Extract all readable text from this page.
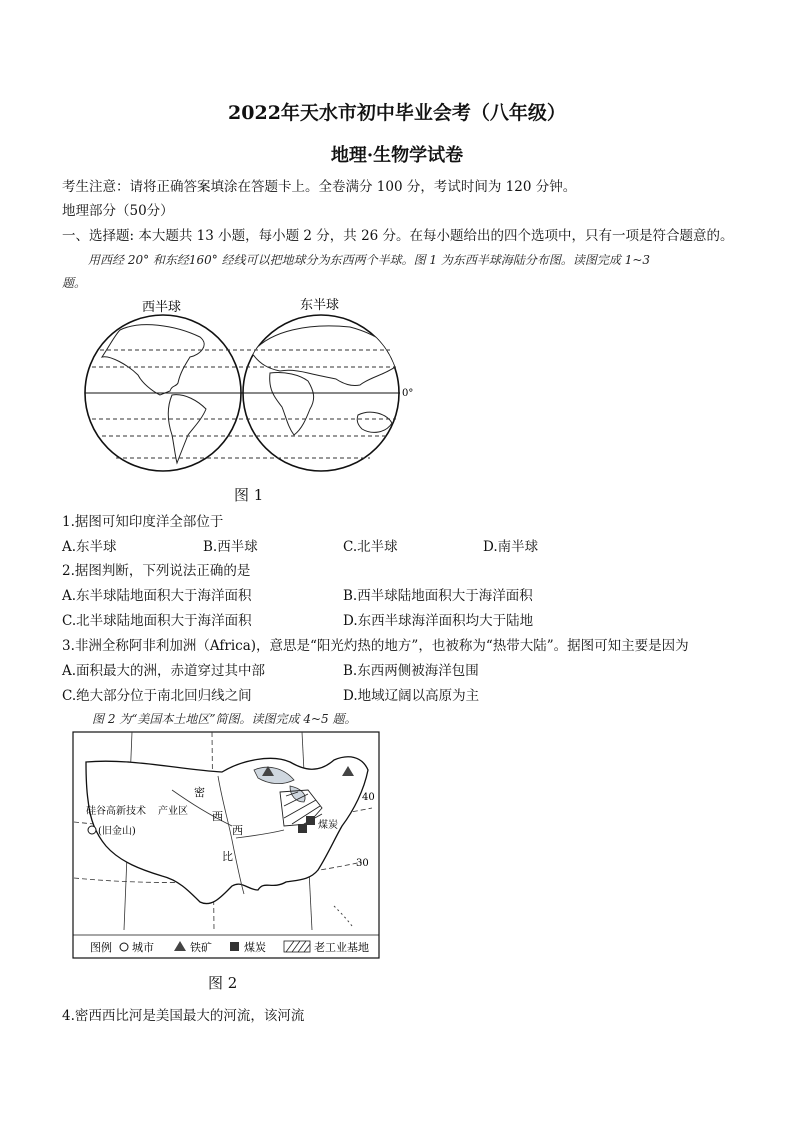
2022年天水市初中毕业会考（八年级）
地理·生物学试卷
考生注意：请将正确答案填涂在答题卡上。全卷满分 100 分，考试时间为 120 分钟。
地理部分（50分）
一、选择题: 本大题共 13 小题，每小题 2 分，共 26 分。在每小题给出的四个选项中，只有一项是符合题意的。
用西经 20° 和东经160° 经线可以把地球分为东西两个半球。图 1 为东西半球海陆分布图。读图完成 1~3
题。
西半球	东半球
0°
图 1
1.据图可知印度洋全部位于
A.东半球	B.西半球	C.北半球	D.南半球
2.据图判断，下列说法正确的是
A.东半球陆地面积大于海洋面积	B.西半球陆地面积大于海洋面积
C.北半球陆地面积大于海洋面积	D.东西半球海洋面积均大于陆地
3.非洲全称阿非利加洲（Africa)，意思是“阳光灼热的地方”，也被称为“热带大陆”。据图可知主要是因为
A.面积最大的洲，赤道穿过其中部	B.东西两侧被海洋包围
C.绝大部分位于南北回归线之间	D.地域辽阔以高原为主
图 2 为“美国本土地区”简图。读图完成 4~5 题。
硅谷高新技术 产业区
(旧金山)
密
西
西
比
煤炭
40
30
图例 城市	铁矿	煤炭	老工业基地
图 2
4.密西西比河是美国最大的河流，该河流
